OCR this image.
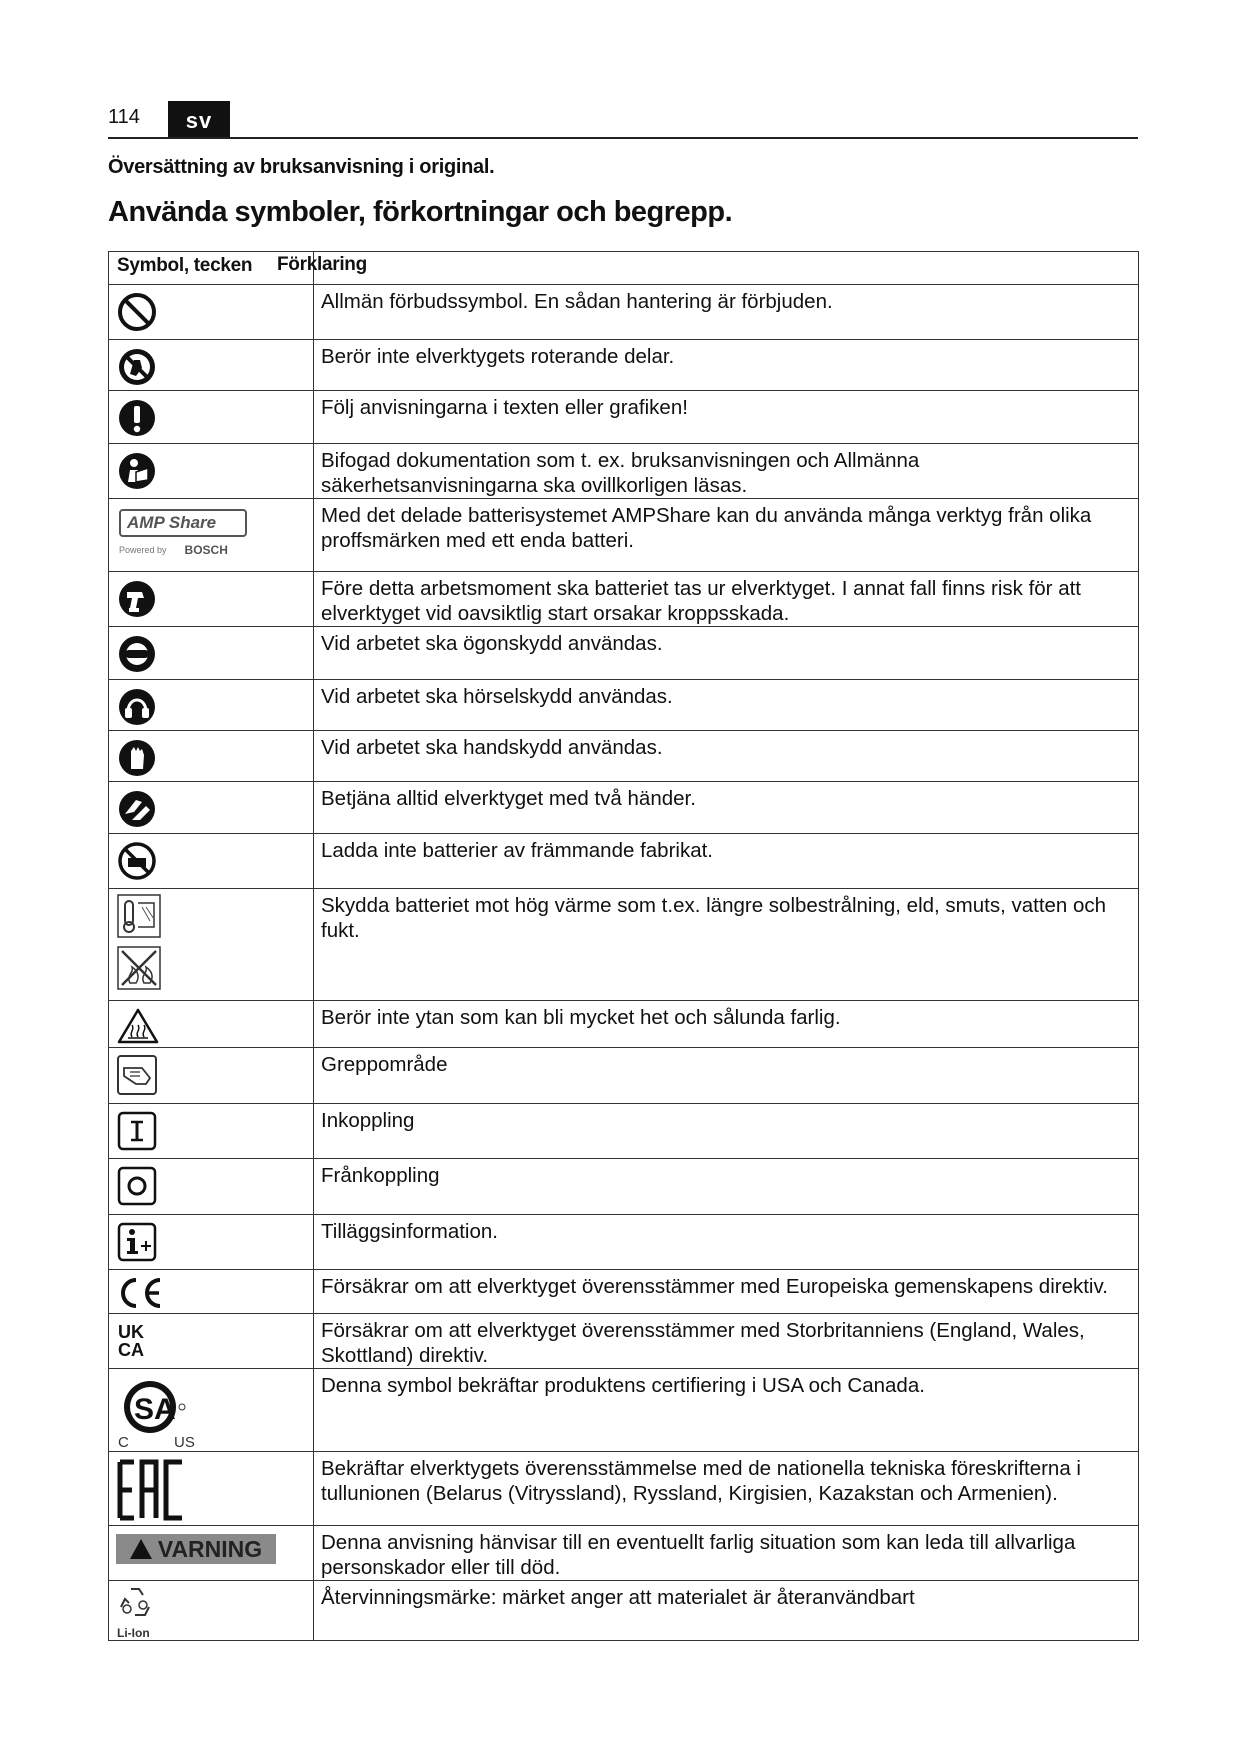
114	sv
Översättning av bruksanvisning i original.
Använda symboler, förkortningar och begrepp.
Symbol, tecken	Förklaring

	Allmän förbudssymbol. En sådan hantering är förbjuden.

	Berör inte elverktygets roterande delar.

	Följ anvisningarna i texten eller grafiken!

	Bifogad dokumentation som t. ex. bruksanvisningen och Allmänna säkerhetsanvisningarna ska ovillkorligen läsas.

AMP Share
Powered by BOSCH	Med det delade batterisystemet AMPShare kan du använda många verktyg från olika proffsmärken med ett enda batteri.

	Före detta arbetsmoment ska batteriet tas ur elverktyget. I annat fall finns risk för att elverktyget vid oavsiktlig start orsakar kroppsskada.

	Vid arbetet ska ögonskydd användas.

	Vid arbetet ska hörselskydd användas.

	Vid arbetet ska handskydd användas.

	Betjäna alltid elverktyget med två händer.

	Ladda inte batterier av främmande fabrikat.

	Skydda batteriet mot hög värme som t.ex. längre solbestrålning, eld, smuts, vatten och fukt.

	Berör inte ytan som kan bli mycket het och sålunda farlig.

	Greppområde

	Inkoppling

	Frånkoppling

	Tilläggsinformation.

	Försäkrar om att elverktyget överensstämmer med Europeiska gemenskapens direktiv.

UK
CA	Försäkrar om att elverktyget överensstämmer med Storbritanniens (England, Wales, Skottland) direktiv.

SA
C US	Denna symbol bekräftar produktens certifiering i USA och Canada.

	Bekräftar elverktygets överensstämmelse med de nationella tekniska föreskrifterna i tullunionen (Belarus (Vitryssland), Ryssland, Kirgisien, Kazakstan och Armenien).

VARNING	Denna anvisning hänvisar till en eventuellt farlig situation som kan leda till allvarliga personskador eller till död.

Li-Ion	Återvinningsmärke: märket anger att materialet är återanvändbart
